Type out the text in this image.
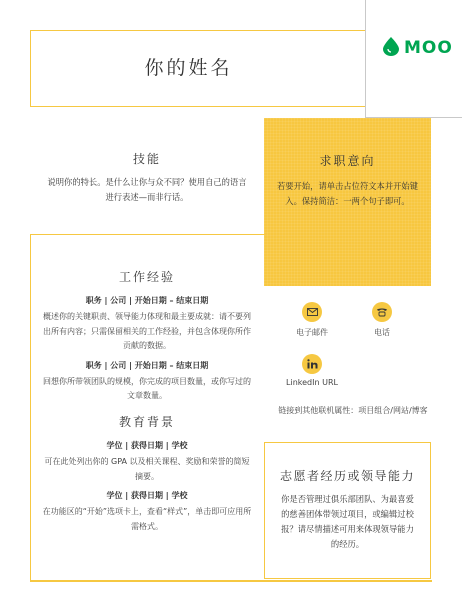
你的姓名
MOO
技能
说明你的特长。是什么让你与众不同？使用自己的语言进行表述—而非行话。
求职意向
若要开始，请单击占位符文本并开始键入。保持简洁：一两个句子即可。
工作经验
职务 | 公司 | 开始日期 – 结束日期
概述你的关键职责、领导能力体现和最主要成就：请不要列出所有内容；只需保留相关的工作经验，并包含体现你所作贡献的数据。
职务 | 公司 | 开始日期 – 结束日期
回想你所带领团队的规模，你完成的项目数量，或你写过的文章数量。
教育背景
学位 | 获得日期 | 学校
可在此处列出你的 GPA 以及相关课程、奖励和荣誉的简短摘要。
学位 | 获得日期 | 学校
在功能区的“开始”选项卡上，查看“样式”，单击即可应用所需格式。
电子邮件	电话
LinkedIn URL
链接到其他联机属性：项目组合/网站/博客
志愿者经历或领导能力
你是否管理过俱乐部团队、为最喜爱的慈善团体带领过项目，或编辑过校报？请尽情描述可用来体现领导能力的经历。
